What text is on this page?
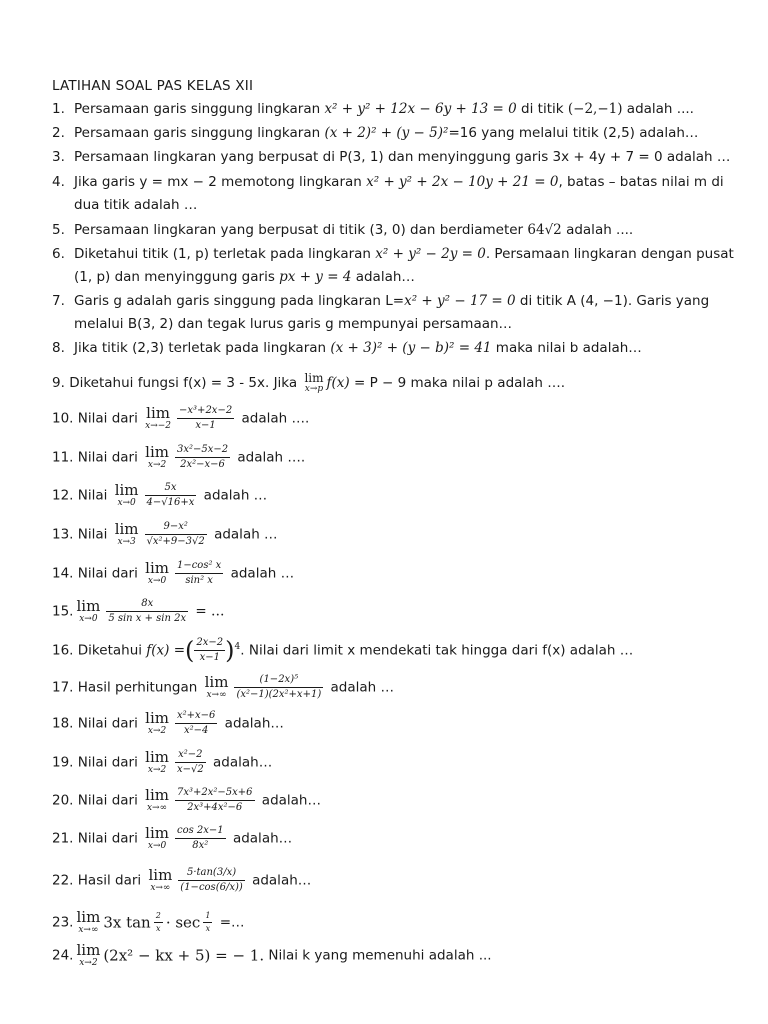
LATIHAN SOAL PAS KELAS XII
1. Persamaan garis singgung lingkaran x² + y² + 12x − 6y + 13 = 0 di titik (−2,−1) adalah ....
2. Persamaan garis singgung lingkaran (x + 2)² + (y − 5)²=16 yang melalui titik (2,5) adalah…
3. Persamaan lingkaran yang berpusat di P(3, 1) dan menyinggung garis 3x + 4y + 7 = 0 adalah …
4. Jika garis y = mx − 2 memotong lingkaran x² + y² + 2x − 10y + 21 = 0, batas – batas nilai m di
dua titik adalah …
5. Persamaan lingkaran yang berpusat di titik (3, 0) dan berdiameter 64√2 adalah ....
6. Diketahui titik (1, p) terletak pada lingkaran x² + y² − 2y = 0. Persamaan lingkaran dengan pusat
(1, p) dan menyinggung garis px + y = 4 adalah…
7. Garis g adalah garis singgung pada lingkaran L=x² + y² − 17 = 0 di titik A (4, −1). Garis yang
melalui B(3, 2) dan tegak lurus garis g mempunyai persamaan…
8. Jika titik (2,3) terletak pada lingkaran (x + 3)² + (y − b)² = 41 maka nilai b adalah…
9. Diketahui fungsi f(x) = 3 - 5x. Jika lim
x→p f(x) = P − 9 maka nilai p adalah ….
10. Nilai dari lim
$x\to-2 \frac{\text{−x³+2x−2}}{x-1}$ adalah ….
11. Nilai dari lim
$x\to 2 \frac{\text{3x²−5x−2}}{\text{2x²−x−6}}$ adalah ….
12. Nilai lim
$x\to 0 \frac{5x}{4-√16+x}$ adalah …
13. Nilai lim
$x\to 3 \frac{\text{9−x²}}{\text{√x²+9−3√2}}$ adalah …
14. Nilai dari lim
$x\to 0 \frac{\text{1−cos² x}}{\text{sin² x}}$ adalah …
15. lim
$x\to 0 \frac{8x}{\text{5 sin x + sin 2x}}$ = …
16. Diketahui f(x) =( $\frac{2x-2}{x-1} )^4$. Nilai dari limit x mendekati tak hingga dari f(x) adalah …
17. Hasil perhitungan lim
$x\to\infty \frac{\text{(1−2x)⁵}}{\text{(x²−1)(2x²+x+1)}}$ adalah …
18. Nilai dari lim
$x\to 2 \frac{\text{x²+x−6}}{\text{x²−4}}$ adalah…
19. Nilai dari lim
$x\to 2 \frac{\text{x²−2}}{x-√2}$ adalah…
20. Nilai dari lim
$x\to\infty \frac{\text{7x³+2x²−5x+6}}{\text{2x³+4x²−6}}$ adalah…
21. Nilai dari lim
$x\to 0 \frac{\cos 2x-1}{\text{8x²}}$ adalah…
22. Hasil dari lim
$x\to\infty \frac{5\cdot\tan(3/x)}{(1-\cos(6/x))}$ adalah…
23. lim
x→∞ 3x $\tan \frac{2}{x} \cdot \sec \frac{1}{x}$ =…
24. lim
x→2 (2x² − kx + 5) = − 1. Nilai k yang memenuhi adalah ...
